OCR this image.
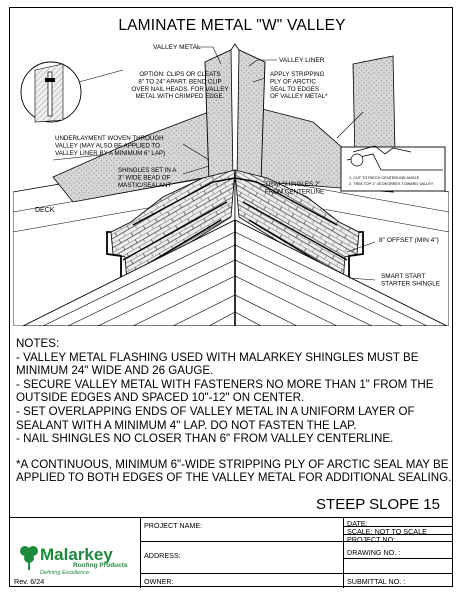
LAMINATE METAL "W" VALLEY
1. CUT TO PATCH CENTERLINE ANGLE
2. TRIM TOP 1" 45 DEGREES TOWARD VALLEY
VALLEY METAL
VALLEY LINER
OPTION: CLIPS OR CLEATS 8" TO 24" APART. BEND CLIP OVER NAIL HEADS. FOR VALLEY METAL WITH CRIMPED EDGE.
APPLY STRIPPING PLY OF ARCTIC SEAL TO EDGES OF VALLEY METAL*
UNDERLAYMENT WOVEN THROUGH VALLEY (MAY ALSO BE APPLIED TO VALLEY LINER BY A MINIMUM 6" LAP)
SHINGLES SET IN A 3" WIDE BEAD OF MASTIC/SEALANT	TRIM SHINGLES 2" FROM CENTERLINE
SMART START STARTER SHINGLE
DECK
8" OFFSET (MIN 4")
NOTES:
- VALLEY METAL FLASHING USED WITH MALARKEY SHINGLES MUST BE
MINIMUM 24" WIDE AND 26 GAUGE.
- SECURE VALLEY METAL WITH FASTENERS NO MORE THAN 1" FROM THE
OUTSIDE EDGES AND SPACED 10"-12" ON CENTER.
- SET OVERLAPPING ENDS OF VALLEY METAL IN A UNIFORM LAYER OF
SEALANT WITH A MINIMUM 4" LAP. DO NOT FASTEN THE LAP.
- NAIL SHINGLES NO CLOSER THAN 6" FROM VALLEY CENTERLINE.
*A CONTINUOUS, MINIMUM 6"-WIDE STRIPPING PLY OF ARCTIC SEAL MAY BE
APPLIED TO BOTH EDGES OF THE VALLEY METAL FOR ADDITIONAL SEALING.
STEEP SLOPE 15
PROJECT NAME:
ADDRESS:
OWNER:
DATE:
SCALE: NOT TO SCALE
PROJECT NO:
DRAWING NO. :
SUBMITTAL NO. :
Malarkey
Roofing Products
Defining Excellence.
Rev. 6/24
